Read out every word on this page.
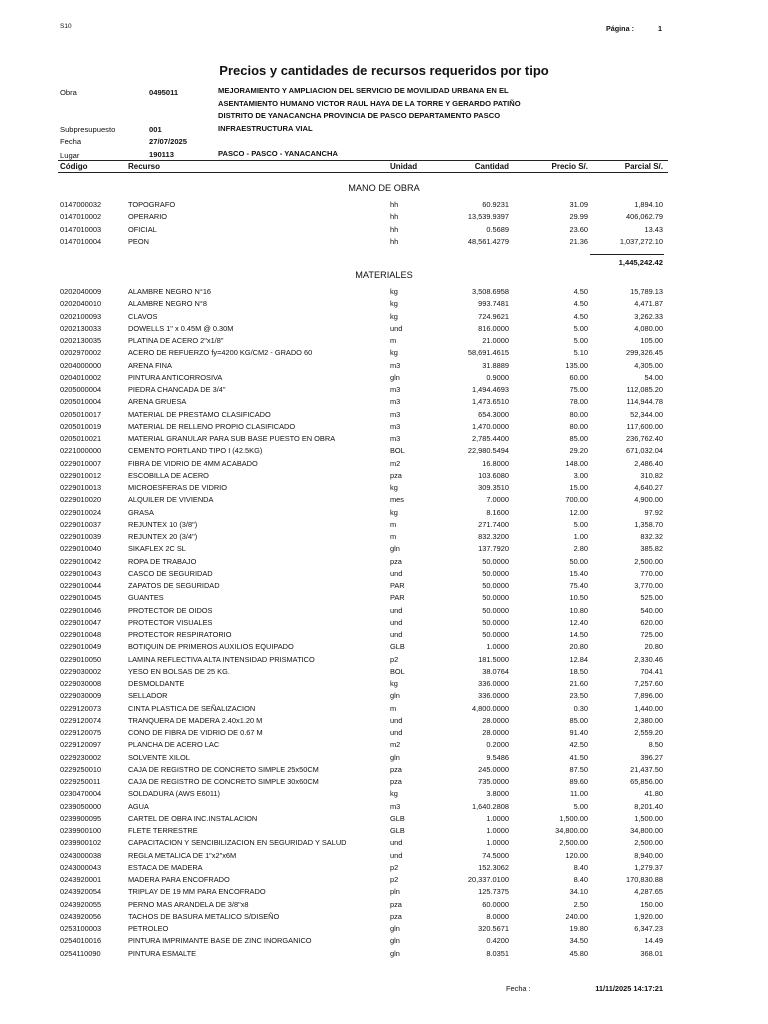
S10	Página :	1
Precios y cantidades de recursos requeridos por tipo
Obra	0495011	MEJORAMIENTO Y AMPLIACION DEL SERVICIO DE MOVILIDAD URBANA EN EL
ASENTAMIENTO HUMANO VICTOR RAUL HAYA DE LA TORRE Y GERARDO PATIÑO
DISTRITO DE YANACANCHA PROVINCIA DE PASCO DEPARTAMENTO PASCO
Subpresupuesto	001	INFRAESTRUCTURA VIAL
Fecha	27/07/2025
Lugar	190113	PASCO - PASCO - YANACANCHA
Código	Recurso	Unidad	Cantidad	Precio S/.	Parcial S/.
MANO DE OBRA
0147000032	TOPOGRAFO	hh	60.9231	31.09	1,894.10
0147010002	OPERARIO	hh	13,539.9397	29.99	406,062.79
0147010003	OFICIAL	hh	0.5689	23.60	13.43
0147010004	PEON	hh	48,561.4279	21.36	1,037,272.10
1,445,242.42
MATERIALES
0202040009	ALAMBRE NEGRO N°16	kg	3,508.6958	4.50	15,789.13
0202040010	ALAMBRE NEGRO N°8	kg	993.7481	4.50	4,471.87
0202100093	CLAVOS	kg	724.9621	4.50	3,262.33
0202130033	DOWELLS 1" x 0.45M @ 0.30M	und	816.0000	5.00	4,080.00
0202130035	PLATINA DE ACERO 2"x1/8"	m	21.0000	5.00	105.00
0202970002	ACERO DE REFUERZO fy=4200 KG/CM2 - GRADO 60	kg	58,691.4615	5.10	299,326.45
0204000000	ARENA FINA	m3	31.8889	135.00	4,305.00
0204010002	PINTURA ANTICORROSIVA	gln	0.9000	60.00	54.00
0205000004	PIEDRA CHANCADA DE 3/4"	m3	1,494.4693	75.00	112,085.20
0205010004	ARENA GRUESA	m3	1,473.6510	78.00	114,944.78
0205010017	MATERIAL DE PRESTAMO CLASIFICADO	m3	654.3000	80.00	52,344.00
0205010019	MATERIAL DE RELLENO PROPIO CLASIFICADO	m3	1,470.0000	80.00	117,600.00
0205010021	MATERIAL GRANULAR PARA SUB BASE PUESTO EN OBRA	m3	2,785.4400	85.00	236,762.40
0221000000	CEMENTO PORTLAND TIPO I (42.5KG)	BOL	22,980.5494	29.20	671,032.04
0229010007	FIBRA DE VIDRIO DE 4MM ACABADO	m2	16.8000	148.00	2,486.40
0229010012	ESCOBILLA DE ACERO	pza	103.6080	3.00	310.82
0229010013	MICROESFERAS DE VIDRIO	kg	309.3510	15.00	4,640.27
0229010020	ALQUILER DE VIVIENDA	mes	7.0000	700.00	4,900.00
0229010024	GRASA	kg	8.1600	12.00	97.92
0229010037	REJUNTEX 10 (3/8")	m	271.7400	5.00	1,358.70
0229010039	REJUNTEX 20 (3/4")	m	832.3200	1.00	832.32
0229010040	SIKAFLEX 2C SL	gln	137.7920	2.80	385.82
0229010042	ROPA DE TRABAJO	pza	50.0000	50.00	2,500.00
0229010043	CASCO DE SEGURIDAD	und	50.0000	15.40	770.00
0229010044	ZAPATOS DE SEGURIDAD	PAR	50.0000	75.40	3,770.00
0229010045	GUANTES	PAR	50.0000	10.50	525.00
0229010046	PROTECTOR DE OIDOS	und	50.0000	10.80	540.00
0229010047	PROTECTOR VISUALES	und	50.0000	12.40	620.00
0229010048	PROTECTOR RESPIRATORIO	und	50.0000	14.50	725.00
0229010049	BOTIQUIN DE PRIMEROS AUXILIOS EQUIPADO	GLB	1.0000	20.80	20.80
0229010050	LAMINA REFLECTIVA ALTA INTENSIDAD PRISMATICO	p2	181.5000	12.84	2,330.46
0229030002	YESO EN BOLSAS DE 25 KG.	BOL	38.0764	18.50	704.41
0229030008	DESMOLDANTE	kg	336.0000	21.60	7,257.60
0229030009	SELLADOR	gln	336.0000	23.50	7,896.00
0229120073	CINTA PLASTICA DE SEÑALIZACION	m	4,800.0000	0.30	1,440.00
0229120074	TRANQUERA DE MADERA 2.40x1.20 M	und	28.0000	85.00	2,380.00
0229120075	CONO DE FIBRA DE VIDRIO DE 0.67 M	und	28.0000	91.40	2,559.20
0229120097	PLANCHA DE ACERO LAC	m2	0.2000	42.50	8.50
0229230002	SOLVENTE XILOL	gln	9.5486	41.50	396.27
0229250010	CAJA DE REGISTRO DE CONCRETO SIMPLE 25x50CM	pza	245.0000	87.50	21,437.50
0229250011	CAJA DE REGISTRO DE CONCRETO SIMPLE 30x60CM	pza	735.0000	89.60	65,856.00
0230470004	SOLDADURA (AWS E6011)	kg	3.8000	11.00	41.80
0239050000	AGUA	m3	1,640.2808	5.00	8,201.40
0239900095	CARTEL DE OBRA INC.INSTALACION	GLB	1.0000	1,500.00	1,500.00
0239900100	FLETE TERRESTRE	GLB	1.0000	34,800.00	34,800.00
0239900102	CAPACITACION Y SENCIBILIZACION EN SEGURIDAD Y SALUD	und	1.0000	2,500.00	2,500.00
0243000038	REGLA METALICA DE 1"x2"x6M	und	74.5000	120.00	8,940.00
0243000043	ESTACA DE MADERA	p2	152.3062	8.40	1,279.37
0243920001	MADERA PARA ENCOFRADO	p2	20,337.0100	8.40	170,830.88
0243920054	TRIPLAY DE 19 MM PARA ENCOFRADO	pln	125.7375	34.10	4,287.65
0243920055	PERNO MAS ARANDELA DE 3/8"x8	pza	60.0000	2.50	150.00
0243920056	TACHOS DE BASURA METALICO S/DISEÑO	pza	8.0000	240.00	1,920.00
0253100003	PETROLEO	gln	320.5671	19.80	6,347.23
0254010016	PINTURA IMPRIMANTE BASE DE ZINC INORGANICO	gln	0.4200	34.50	14.49
0254110090	PINTURA ESMALTE	gln	8.0351	45.80	368.01
Fecha :	11/11/2025 14:17:21
